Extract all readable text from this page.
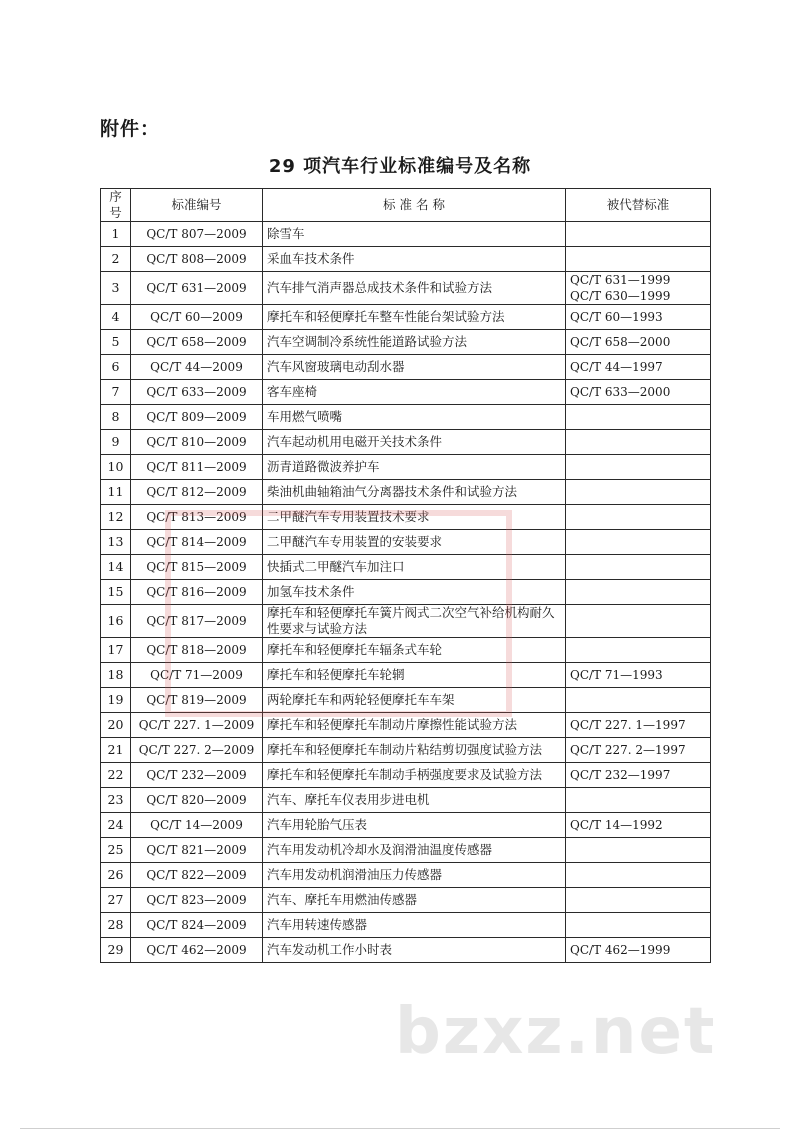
附件：
29 项汽车行业标准编号及名称
序号	标准编号	标 准 名 称	被代替标准
1	QC/T 807—2009	除雪车	
2	QC/T 808—2009	采血车技术条件	
3	QC/T 631—2009	汽车排气消声器总成技术条件和试验方法	QC/T 631—1999
QC/T 630—1999

4	QC/T 60—2009	摩托车和轻便摩托车整车性能台架试验方法	QC/T 60—1993

5	QC/T 658—2009	汽车空调制冷系统性能道路试验方法	QC/T 658—2000

6	QC/T 44—2009	汽车风窗玻璃电动刮水器	QC/T 44—1997

7	QC/T 633—2009	客车座椅	QC/T 633—2000

8	QC/T 809—2009	车用燃气喷嘴	
9	QC/T 810—2009	汽车起动机用电磁开关技术条件	
10	QC/T 811—2009	沥青道路微波养护车	
11	QC/T 812—2009	柴油机曲轴箱油气分离器技术条件和试验方法	
12	QC/T 813—2009	二甲醚汽车专用装置技术要求	
13	QC/T 814—2009	二甲醚汽车专用装置的安装要求	
14	QC/T 815—2009	快插式二甲醚汽车加注口	
15	QC/T 816—2009	加氢车技术条件	
16	QC/T 817—2009	摩托车和轻便摩托车簧片阀式二次空气补给机构耐久性要求与试验方法	
17	QC/T 818—2009	摩托车和轻便摩托车辐条式车轮	
18	QC/T 71—2009	摩托车和轻便摩托车轮辋	QC/T 71—1993

19	QC/T 819—2009	两轮摩托车和两轮轻便摩托车车架	
20	QC/T 227. 1—2009	摩托车和轻便摩托车制动片摩擦性能试验方法	QC/T 227. 1—1997

21	QC/T 227. 2—2009	摩托车和轻便摩托车制动片粘结剪切强度试验方法	QC/T 227. 2—1997

22	QC/T 232—2009	摩托车和轻便摩托车制动手柄强度要求及试验方法	QC/T 232—1997

23	QC/T 820—2009	汽车、摩托车仪表用步进电机	
24	QC/T 14—2009	汽车用轮胎气压表	QC/T 14—1992

25	QC/T 821—2009	汽车用发动机冷却水及润滑油温度传感器	
26	QC/T 822—2009	汽车用发动机润滑油压力传感器	
27	QC/T 823—2009	汽车、摩托车用燃油传感器	
28	QC/T 824—2009	汽车用转速传感器	
29	QC/T 462—2009	汽车发动机工作小时表	QC/T 462—1999
bzxz.net
